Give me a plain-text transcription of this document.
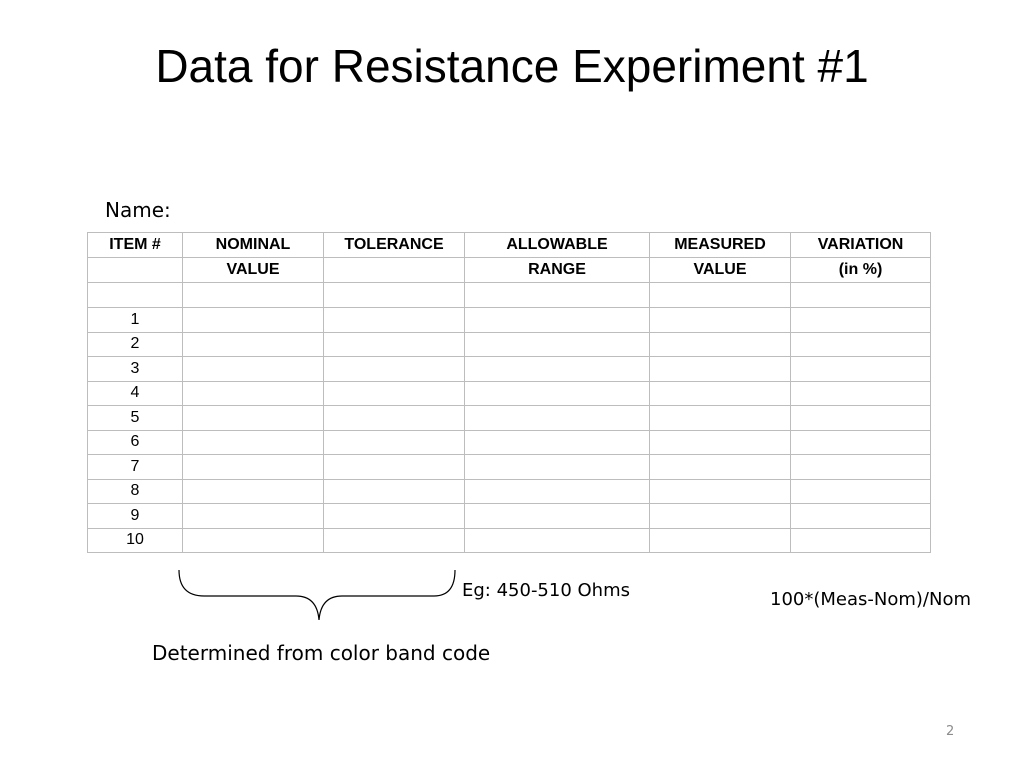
Data for Resistance Experiment #1
Name:
ITEM #	NOMINAL	TOLERANCE	ALLOWABLE	MEASURED	VARIATION
	VALUE		RANGE	VALUE	(in %)

1					
2					
3					
4					
5					
6					
7					
8					
9					
10					
Eg: 450-510 Ohms	100*(Meas-Nom)/Nom
Determined from color band code
2
